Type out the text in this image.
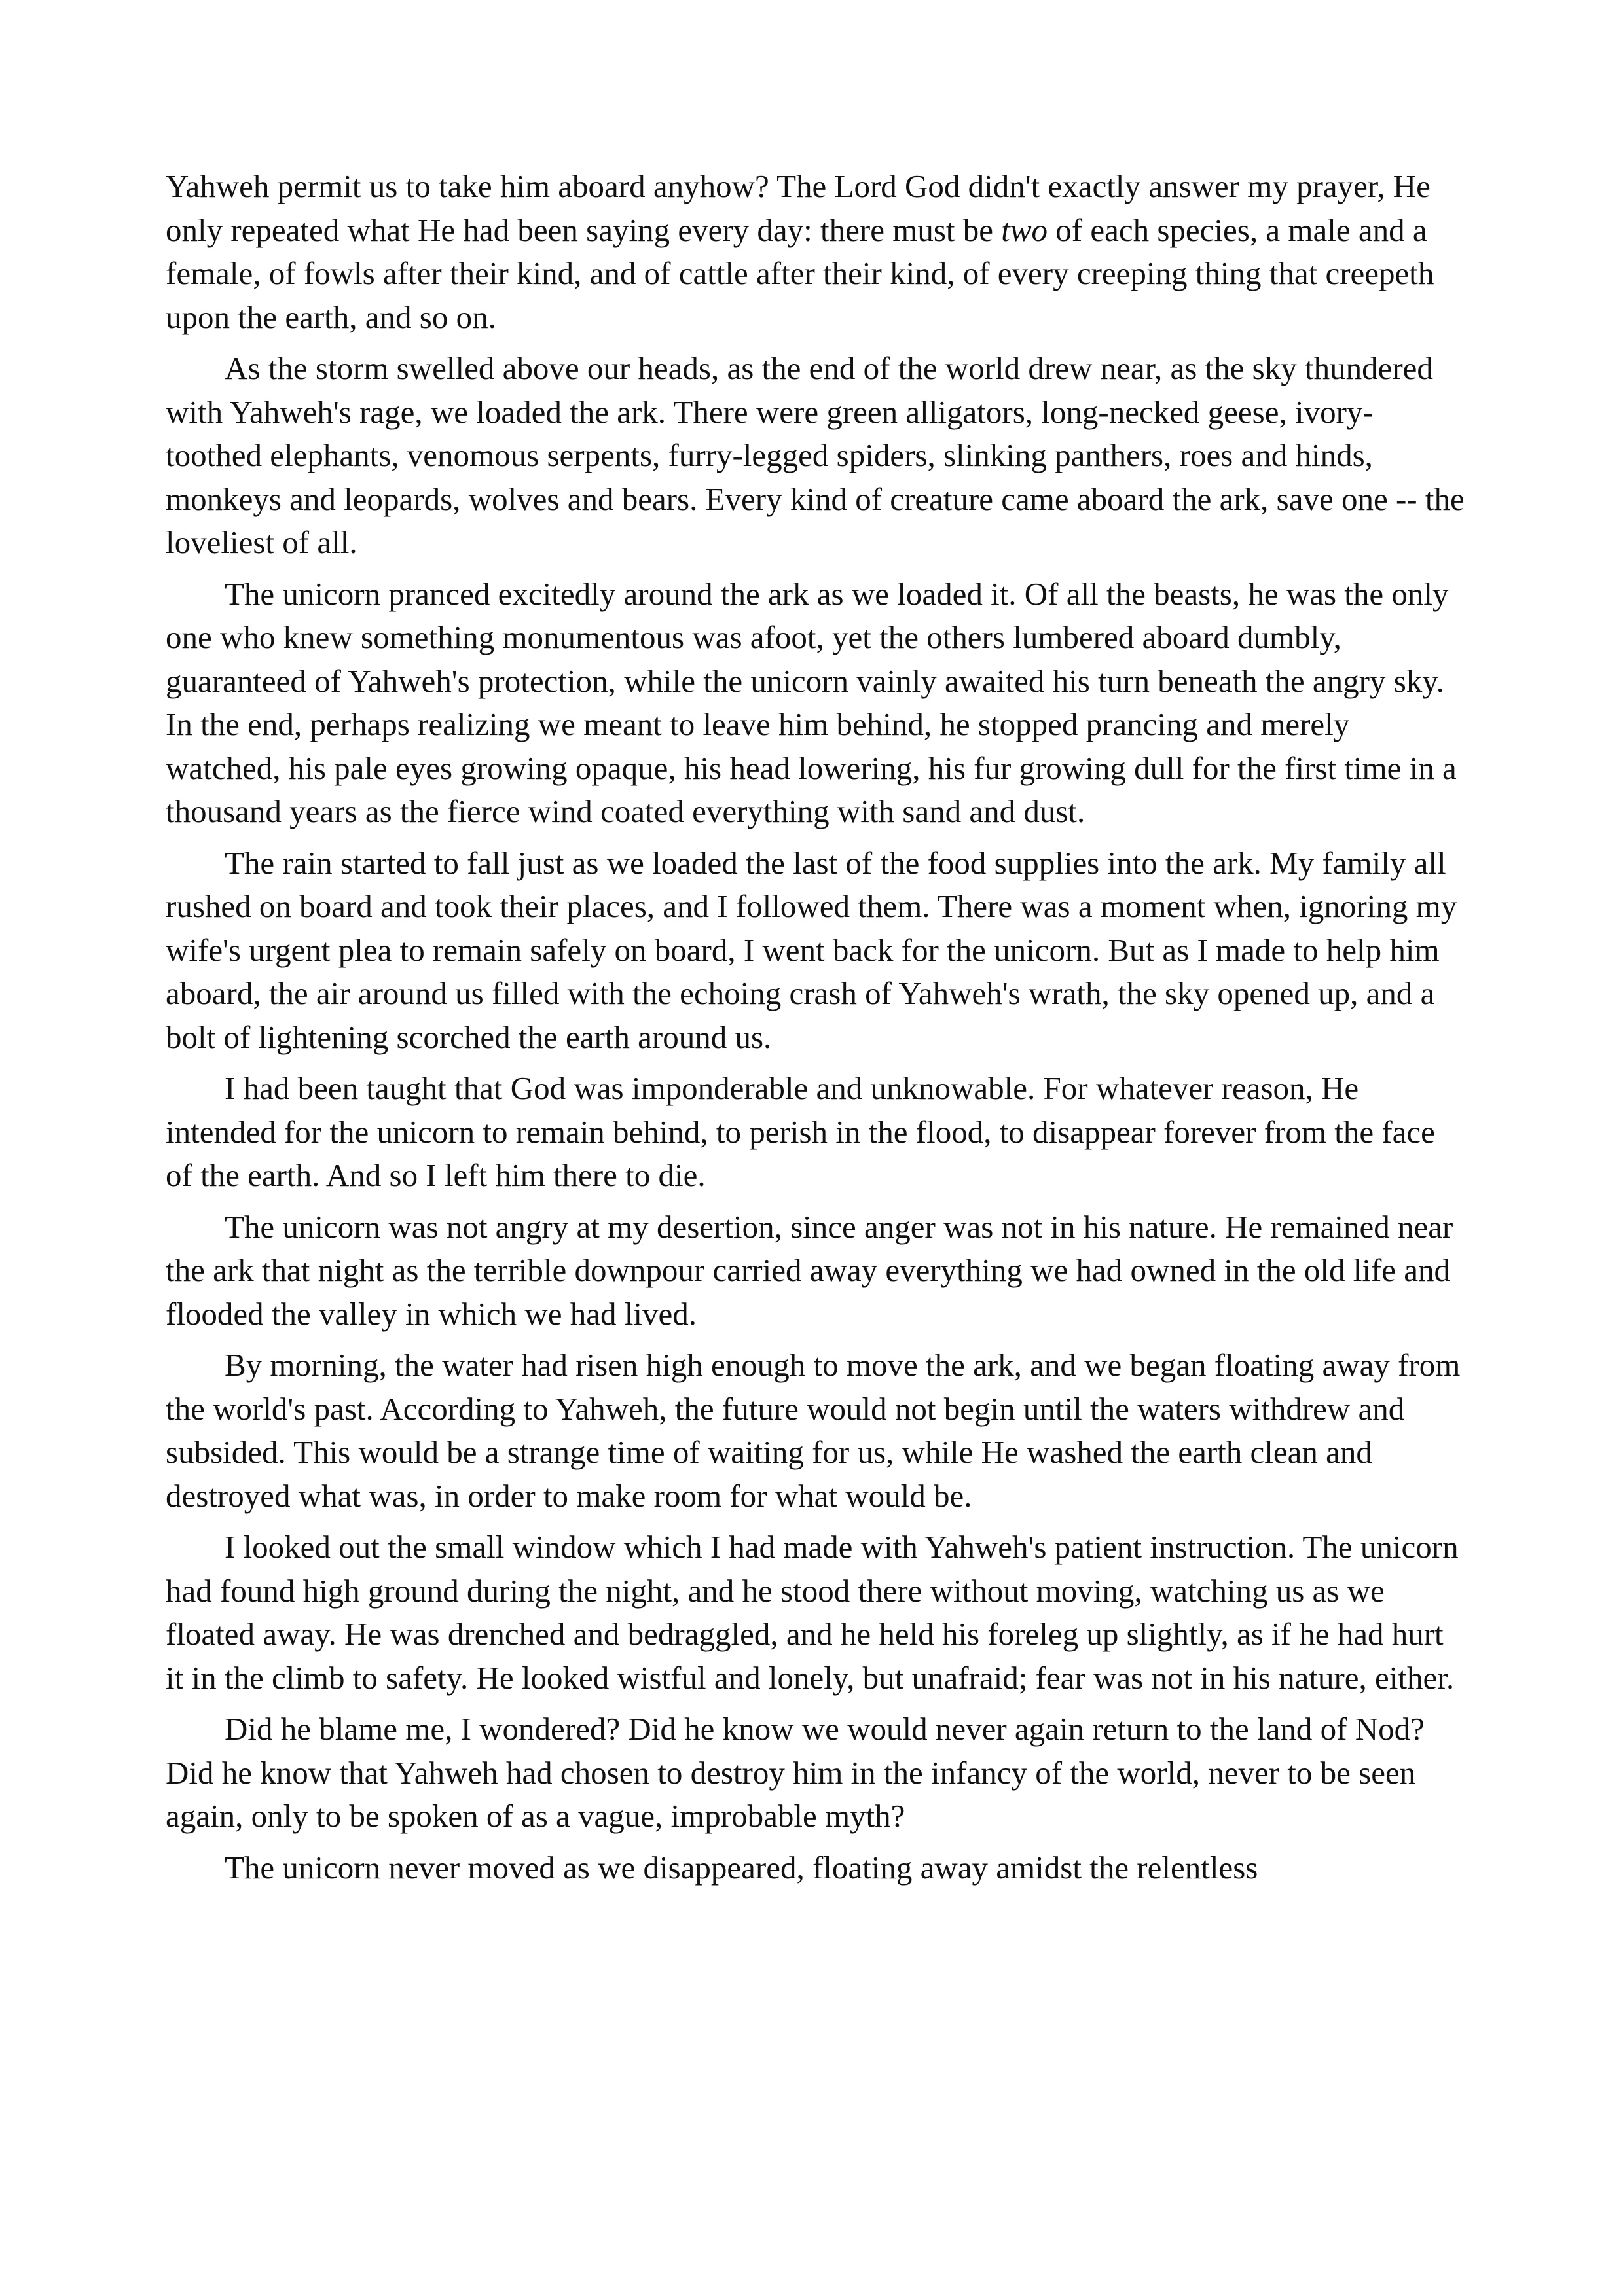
Yahweh permit us to take him aboard anyhow? The Lord God didn't exactly answer my prayer, He only repeated what He had been saying every day: there must be two of each species, a male and a female, of fowls after their kind, and of cattle after their kind, of every creeping thing that creepeth upon the earth, and so on.

As the storm swelled above our heads, as the end of the world drew near, as the sky thundered with Yahweh's rage, we loaded the ark. There were green alligators, long-necked geese, ivory-toothed elephants, venomous serpents, furry-legged spiders, slinking panthers, roes and hinds, monkeys and leopards, wolves and bears. Every kind of creature came aboard the ark, save one -- the loveliest of all.

The unicorn pranced excitedly around the ark as we loaded it. Of all the beasts, he was the only one who knew something monumentous was afoot, yet the others lumbered aboard dumbly, guaranteed of Yahweh's protection, while the unicorn vainly awaited his turn beneath the angry sky. In the end, perhaps realizing we meant to leave him behind, he stopped prancing and merely watched, his pale eyes growing opaque, his head lowering, his fur growing dull for the first time in a thousand years as the fierce wind coated everything with sand and dust.

The rain started to fall just as we loaded the last of the food supplies into the ark. My family all rushed on board and took their places, and I followed them. There was a moment when, ignoring my wife's urgent plea to remain safely on board, I went back for the unicorn. But as I made to help him aboard, the air around us filled with the echoing crash of Yahweh's wrath, the sky opened up, and a bolt of lightening scorched the earth around us.

I had been taught that God was imponderable and unknowable. For whatever reason, He intended for the unicorn to remain behind, to perish in the flood, to disappear forever from the face of the earth. And so I left him there to die.

The unicorn was not angry at my desertion, since anger was not in his nature. He remained near the ark that night as the terrible downpour carried away everything we had owned in the old life and flooded the valley in which we had lived.

By morning, the water had risen high enough to move the ark, and we began floating away from the world's past. According to Yahweh, the future would not begin until the waters withdrew and subsided. This would be a strange time of waiting for us, while He washed the earth clean and destroyed what was, in order to make room for what would be.

I looked out the small window which I had made with Yahweh's patient instruction. The unicorn had found high ground during the night, and he stood there without moving, watching us as we floated away. He was drenched and bedraggled, and he held his foreleg up slightly, as if he had hurt it in the climb to safety. He looked wistful and lonely, but unafraid; fear was not in his nature, either.

Did he blame me, I wondered? Did he know we would never again return to the land of Nod? Did he know that Yahweh had chosen to destroy him in the infancy of the world, never to be seen again, only to be spoken of as a vague, improbable myth?

The unicorn never moved as we disappeared, floating away amidst the relentless
